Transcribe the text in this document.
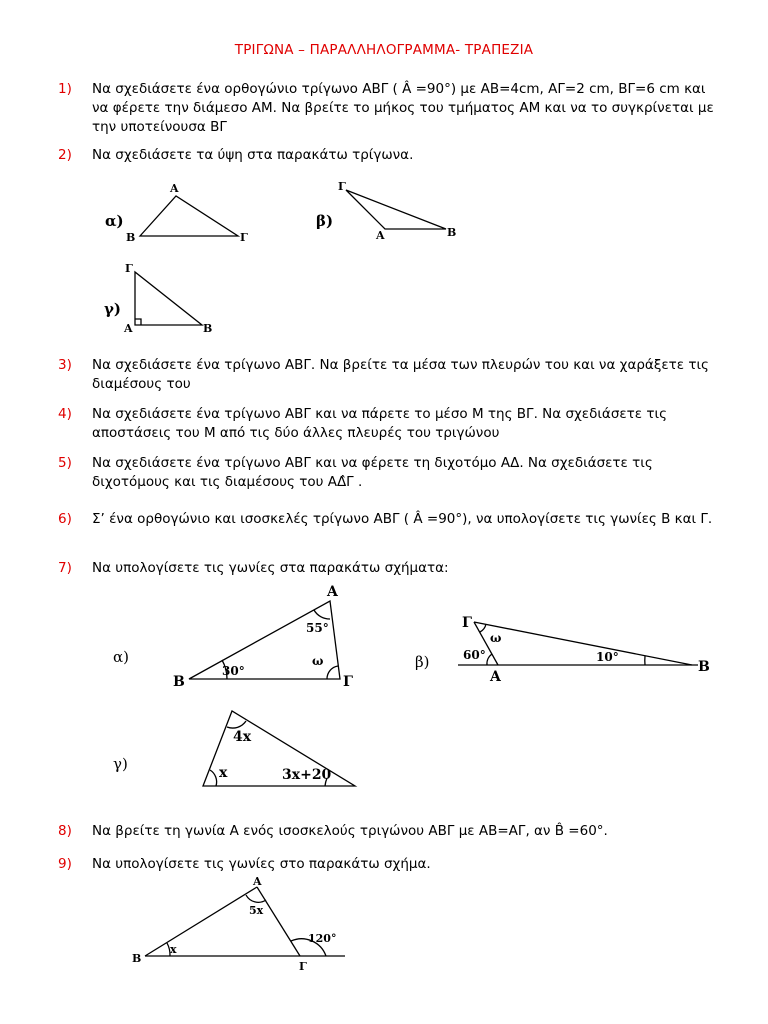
ΤΡΙΓΩΝΑ – ΠΑΡΑΛΛΗΛΟΓΡΑΜΜΑ- ΤΡΑΠΕΖΙΑ
1)	Να σχεδιάσετε ένα ορθογώνιο τρίγωνο ΑΒΓ ( Â =90°) με ΑΒ=4cm, ΑΓ=2 cm, ΒΓ=6 cm και να φέρετε την διάμεσο ΑΜ. Να βρείτε το μήκος του τμήματος ΑΜ και να το συγκρίνεται με την υποτείνουσα ΒΓ
2)	Να σχεδιάσετε τα ύψη στα παρακάτω τρίγωνα.
3)	Να σχεδιάσετε ένα τρίγωνο ΑΒΓ. Να βρείτε τα μέσα των πλευρών του και να χαράξετε τις διαμέσους του
4)	Να σχεδιάσετε ένα τρίγωνο ΑΒΓ και να πάρετε το μέσο Μ της ΒΓ. Να σχεδιάσετε τις αποστάσεις του Μ από τις δύο άλλες πλευρές του τριγώνου
5)	Να σχεδιάσετε ένα τρίγωνο ΑΒΓ και να φέρετε τη διχοτόμο ΑΔ. Να σχεδιάσετε τις διχοτόμους και τις διαμέσους του ΑΔ̂Γ .
6)	Σ’ ένα ορθογώνιο και ισοσκελές τρίγωνο ΑΒΓ ( Â =90°), να υπολογίσετε τις γωνίες Β και Γ.
7)	Να υπολογίσετε τις γωνίες στα παρακάτω σχήματα:
8)	Να βρείτε τη γωνία Α ενός ισοσκελούς τριγώνου ΑΒΓ με ΑΒ=ΑΓ, αν B̂ =60°.
9)	Να υπολογίσετε τις γωνίες στο παρακάτω σχήμα.
α)
A
B	Γ
β)
Γ
A	B
γ)
Γ
A	B
α)
A
B	Γ
55°
30°
ω	β)
Γ
A
B
ω
60°	10°
γ)
4x
x	3x+20
A
B
Γ
5x
x
120°
